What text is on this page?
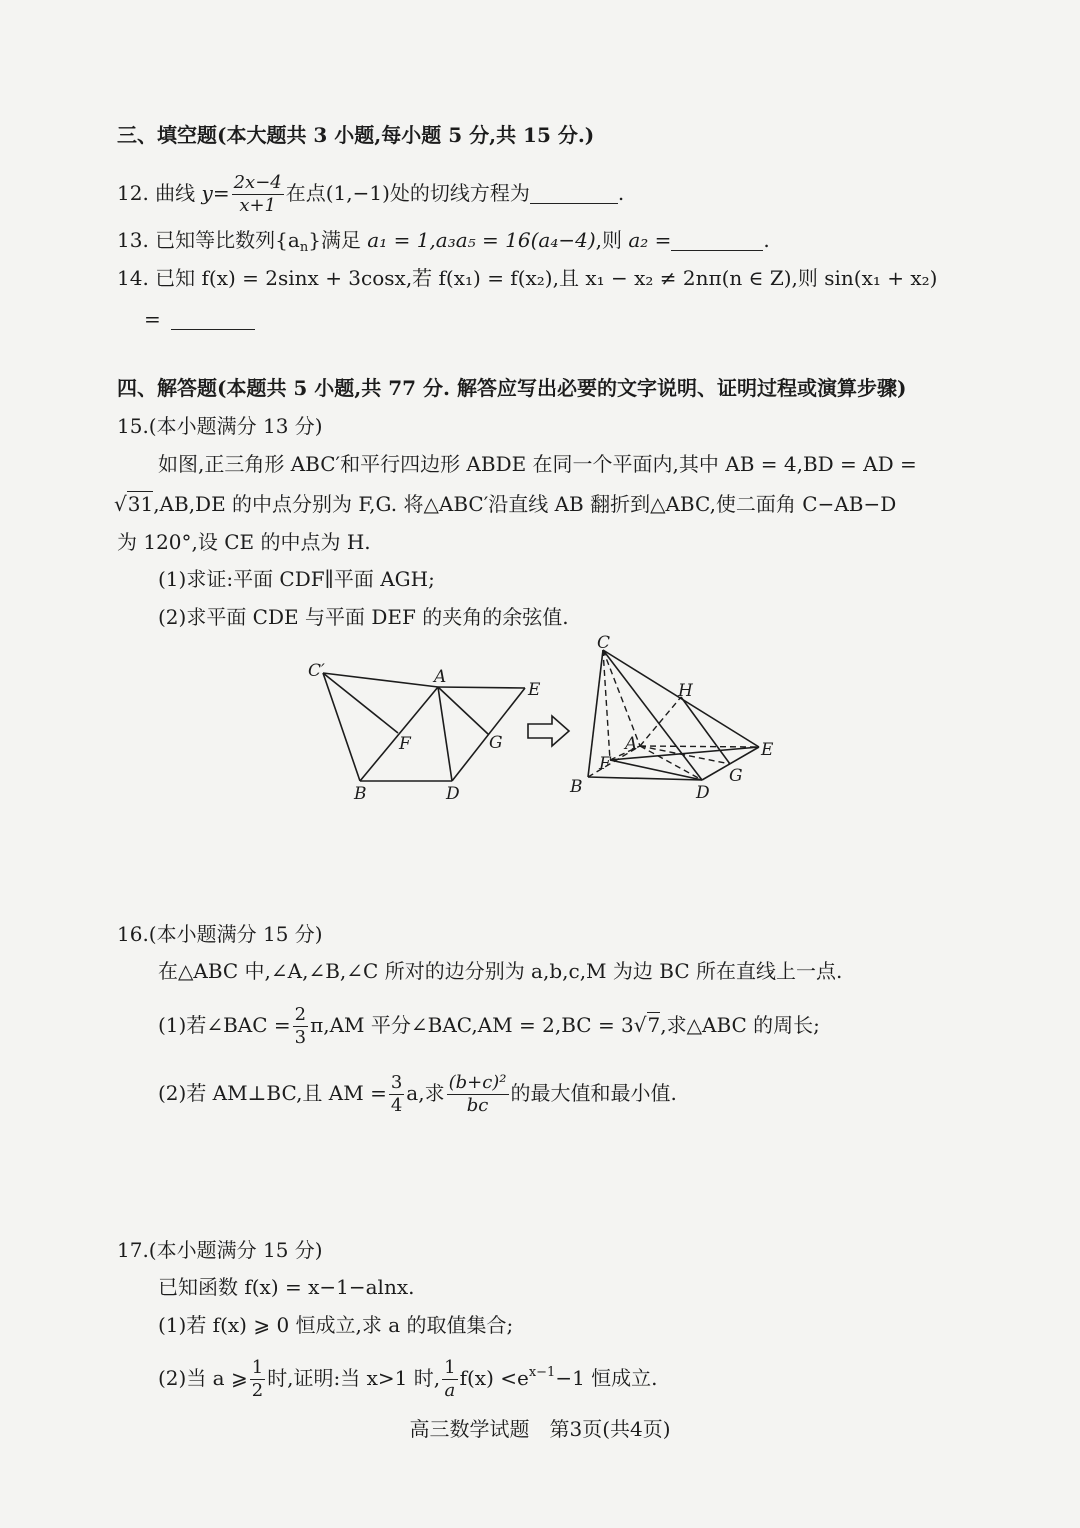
三、填空题(本大题共 3 小题,每小题 5 分,共 15 分.)
12. 曲线 $y= \frac{2x-4}{x+1}$ 在点(1,−1)处的切线方程为	.
13. 已知等比数列$\{a_n\}$满足 a₁ = 1,a₃a₅ = 16(a₄−4),则 a₂ =	.
14. 已知 f(x) = 2sinx + 3cosx,若 f(x₁) = f(x₂),且 x₁ − x₂ ≠ 2nπ(n ∈ Z),则 sin(x₁ + x₂)
=
四、解答题(本题共 5 小题,共 77 分. 解答应写出必要的文字说明、证明过程或演算步骤)
15.(本小题满分 13 分)
如图,正三角形 ABC′和平行四边形 ABDE 在同一个平面内,其中 AB = 4,BD = AD =
√31,AB,DE 的中点分别为 F,G. 将△ABC′沿直线 AB 翻折到△ABC,使二面角 C−AB−D
为 120°,设 CE 的中点为 H.
(1)求证:平面 CDF∥平面 AGH;
(2)求平面 CDE 与平面 DEF 的夹角的余弦值.
C′	A
E
F	G
B	D
C
H
A	E
F
G
B	D
16.(本小题满分 15 分)
在△ABC 中,∠A,∠B,∠C 所对的边分别为 a,b,c,M 为边 BC 所在直线上一点.
(1)若∠BAC = $\frac{2}{3} \pi,AM$ 平分∠BAC,AM = 2,BC = 3√7,求△ABC 的周长;
(2)若 AM⊥BC,且 AM = $\frac{3}{4} a$,求 $\frac{\text{(b+c)²}}{bc}$ 的最大值和最小值.
17.(本小题满分 15 分)
已知函数 f(x) = x−1−alnx.
(1)若 f(x) ⩾ 0 恒成立,求 a 的取值集合;
(2)当 a ⩾ $\frac{1}{2}$ 时,证明:当 x>1 时, $\frac{1}{a} f(x) <e^{x-1}-1$ 恒成立.
高三数学试题　第3页(共4页)
